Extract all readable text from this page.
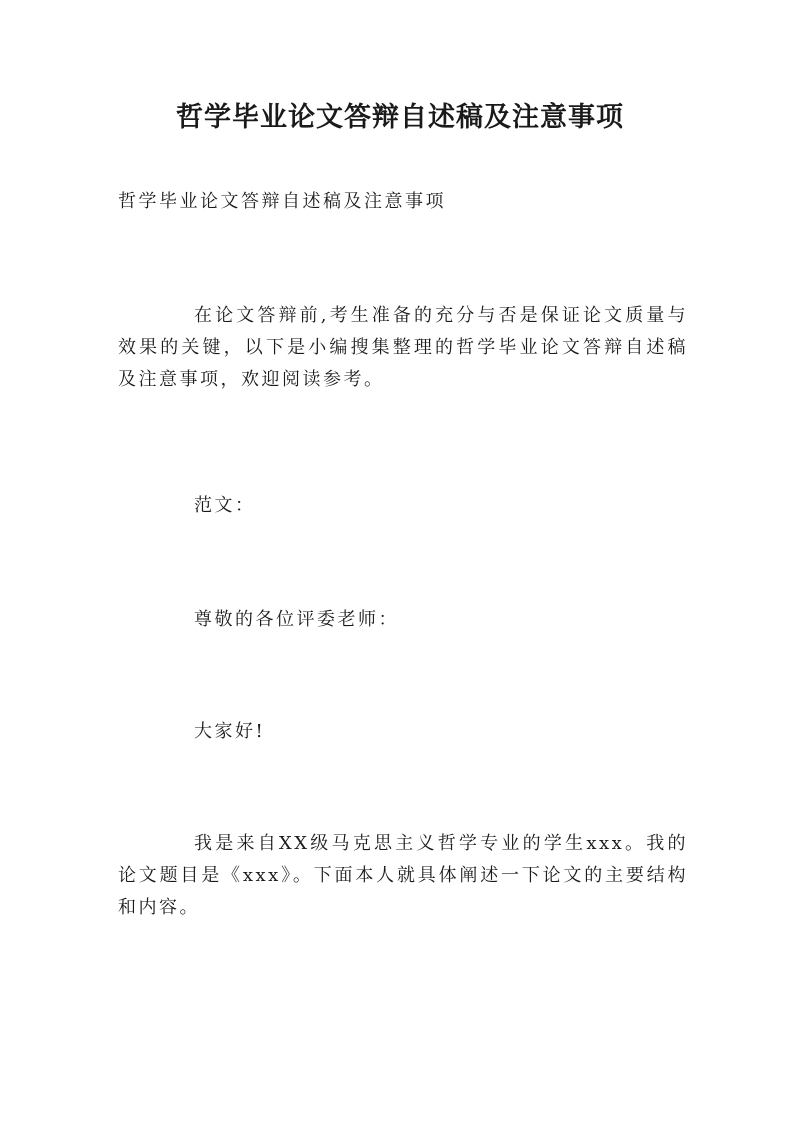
哲学毕业论文答辩自述稿及注意事项

哲学毕业论文答辩自述稿及注意事项

在论文答辩前,考生准备的充分与否是保证论文质量与效果的关键，以下是小编搜集整理的哲学毕业论文答辩自述稿及注意事项，欢迎阅读参考。

范文：

尊敬的各位评委老师：

大家好!

我是来自XX级马克思主义哲学专业的学生xxx。我的论文题目是《xxx》。下面本人就具体阐述一下论文的主要结构和内容。
